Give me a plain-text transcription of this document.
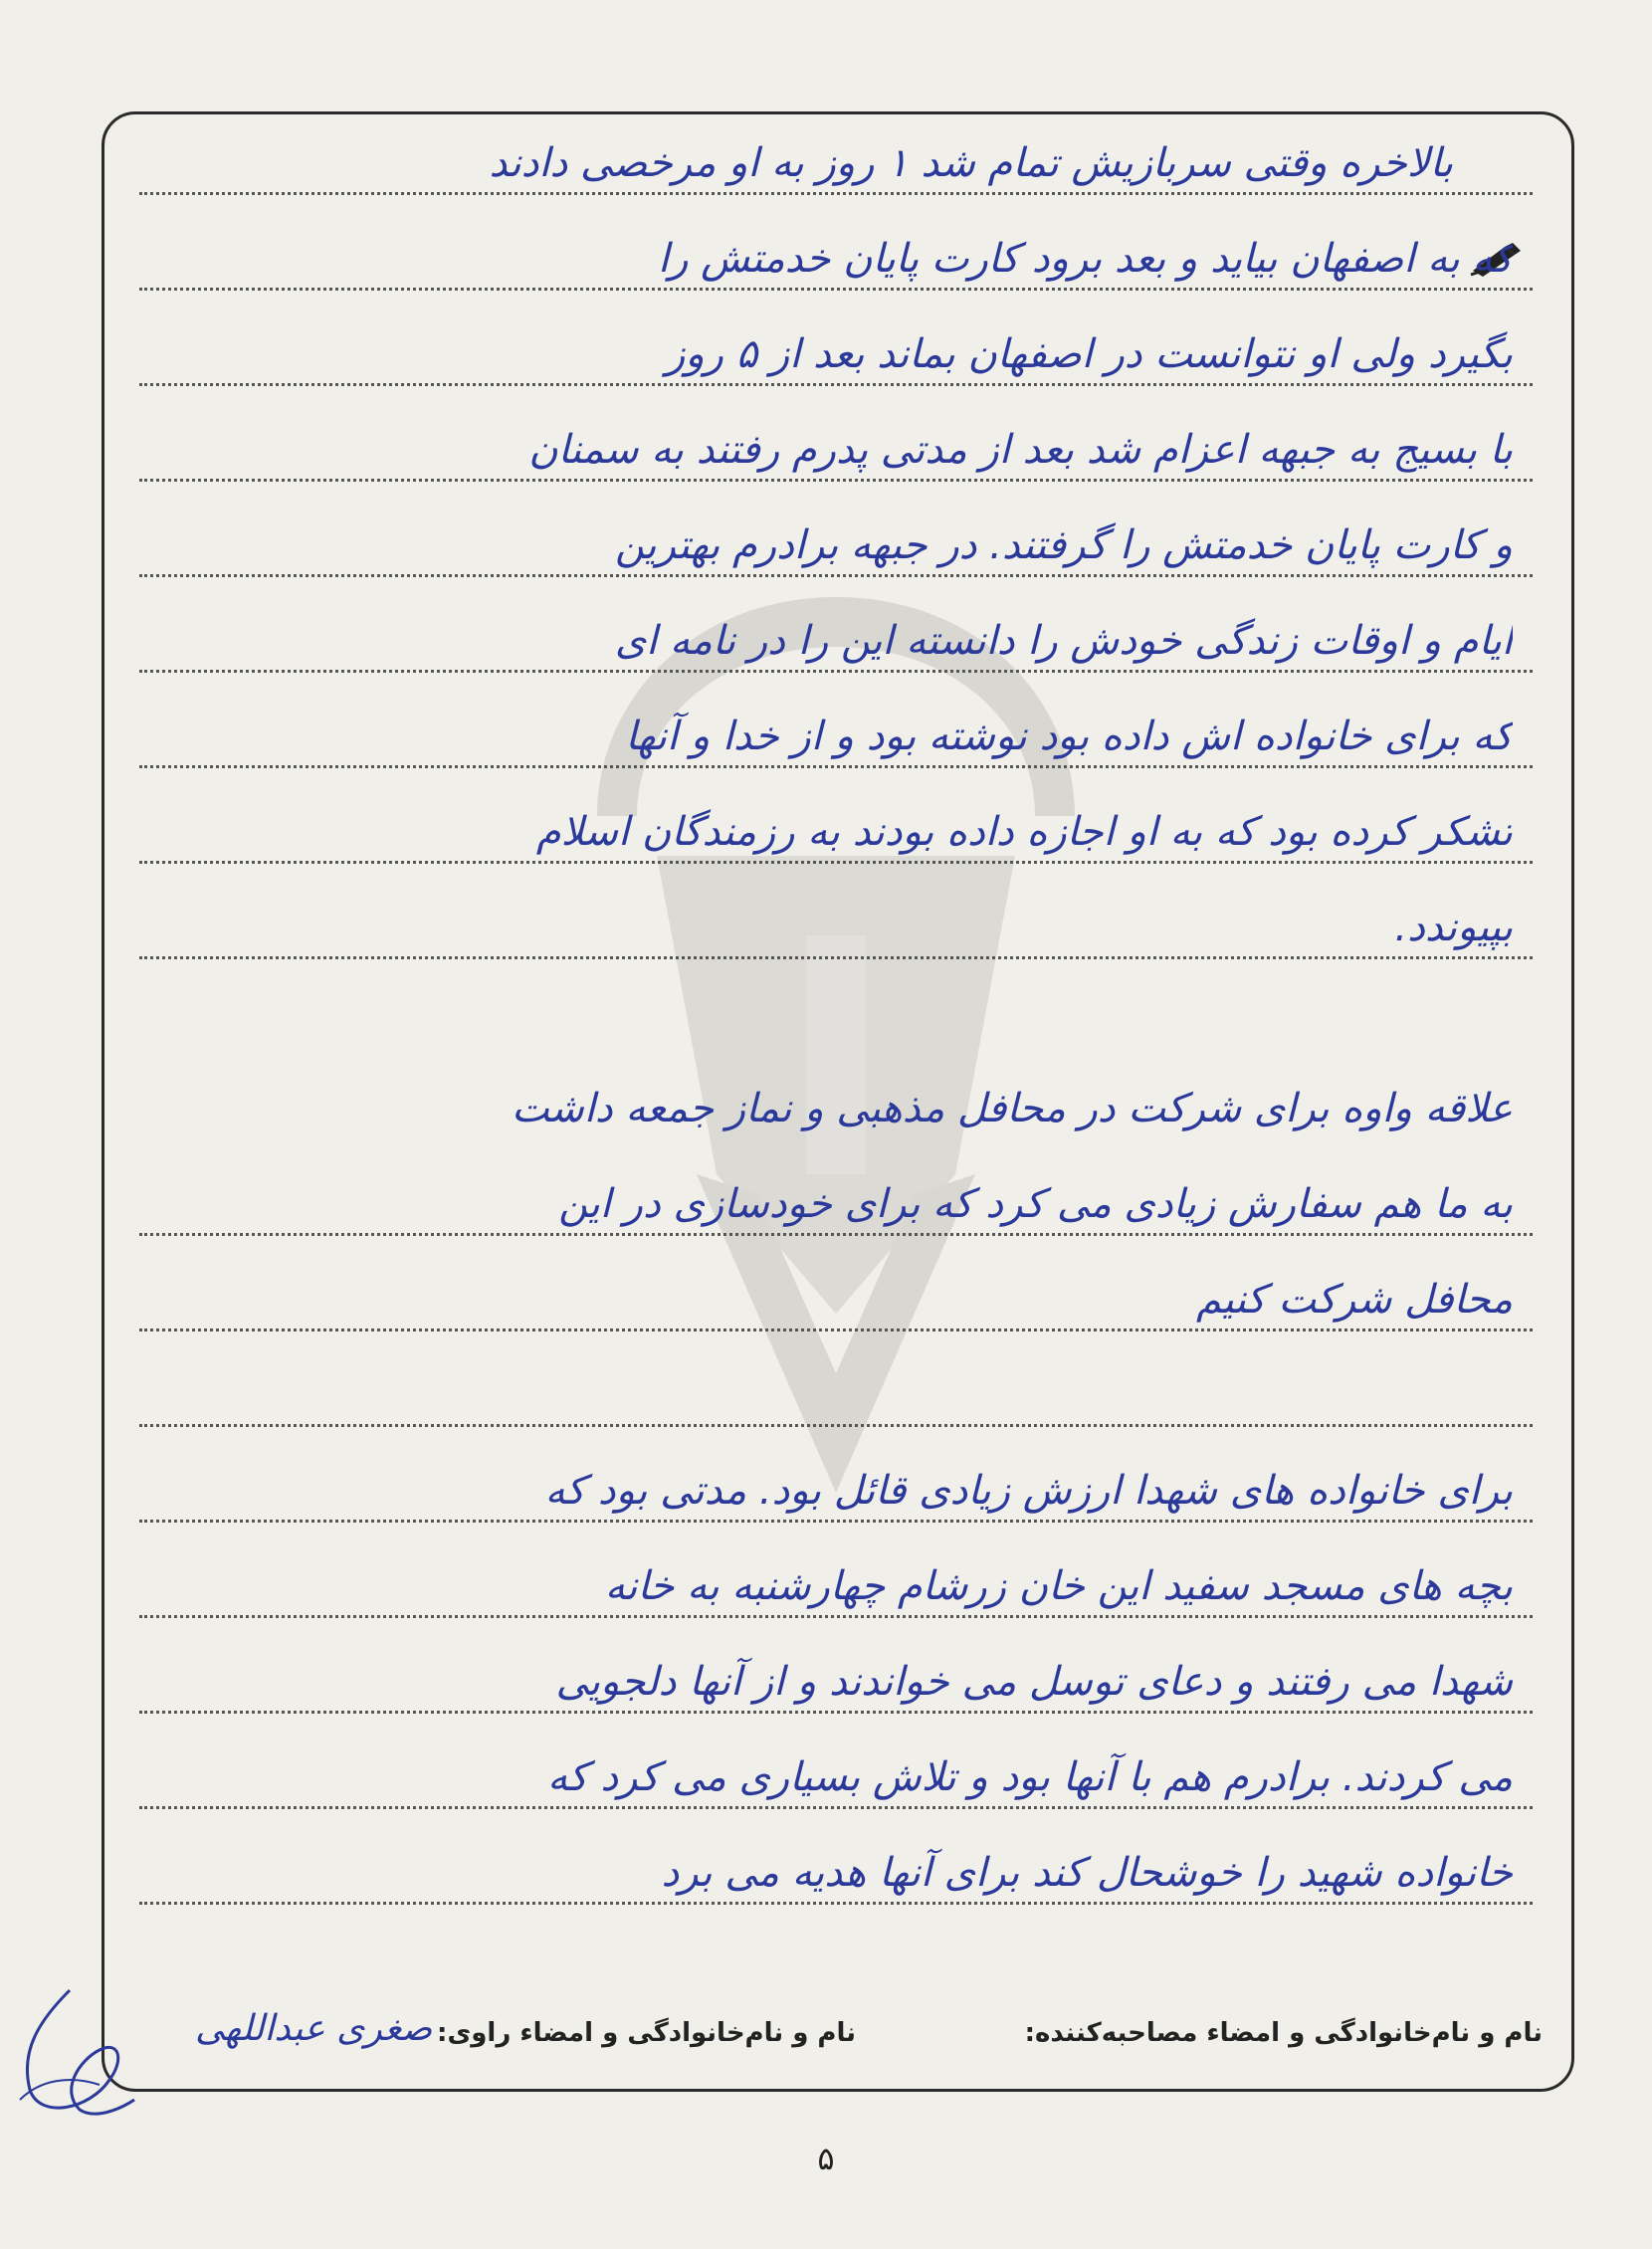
بالاخره وقتی سربازیش تمام شد ۱ روز به او مرخصی دادند
که به اصفهان بیاید و بعد برود کارت پایان خدمتش را
بگیرد ولی او نتوانست در اصفهان بماند بعد از ۵ روز
با بسیج به جبهه اعزام شد بعد از مدتی پدرم رفتند به سمنان
و کارت پایان خدمتش را گرفتند. در جبهه برادرم بهترین
ایام و اوقات زندگی خودش را دانسته این را در نامه ای
که برای خانواده اش داده بود نوشته بود و از خدا و آنها
تشکر کرده بود که به او اجازه داده بودند به رزمندگان اسلام
بپیوندد.
علاقه واوه برای شرکت در محافل مذهبی و نماز جمعه داشت
به ما هم سفارش زیادی می کرد که برای خودسازی در این
محافل شرکت کنیم
برای خانواده های شهدا ارزش زیادی قائل بود. مدتی بود که
بچه های مسجد سفید این خان زرشام چهارشنبه به خانه
شهدا می رفتند و دعای توسل می خواندند و از آنها دلجویی
می کردند. برادرم هم با آنها بود و تلاش بسیاری می کرد که
خانواده شهید را خوشحال کند برای آنها هدیه می برد
نام و نام‌خانوادگی و امضاء مصاحبه‌کننده:
نام و نام‌خانوادگی و امضاء راوی:
صغری عبداللهی
۵
